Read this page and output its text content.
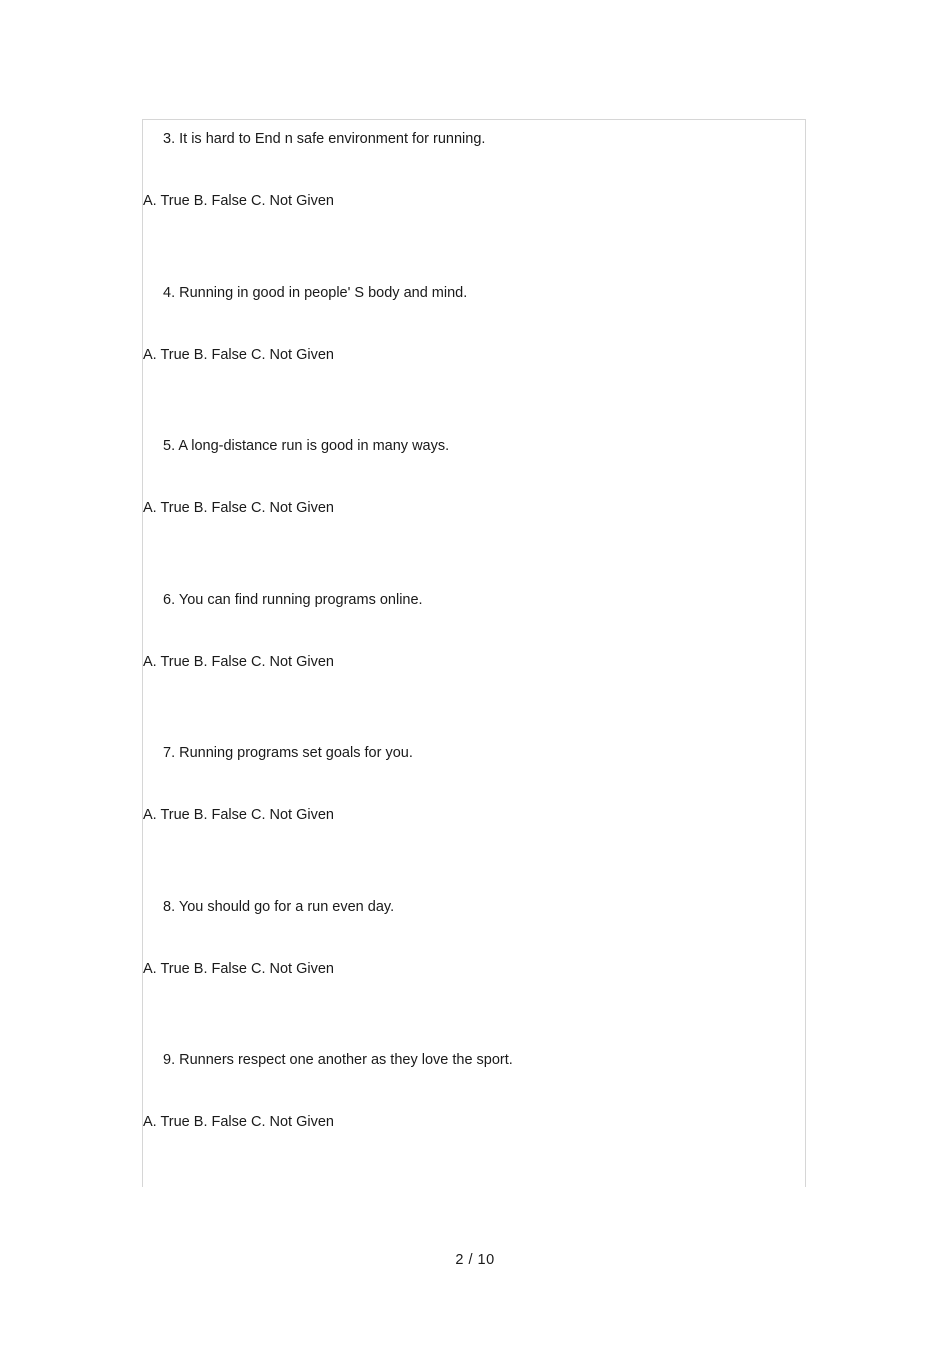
3. It is hard to End n safe environment for running.
A. True B. False C. Not Given
4. Running in good in people' S body and mind.
A. True B. False C. Not Given
5. A long-distance run is good in many ways.
A. True B. False C. Not Given
6. You can find running programs online.
A. True B. False C. Not Given
7. Running programs set goals for you.
A. True B. False C. Not Given
8. You should go for a run even day.
A. True B. False C. Not Given
9. Runners respect one another as they love the sport.
A. True B. False C. Not Given
2 / 10
